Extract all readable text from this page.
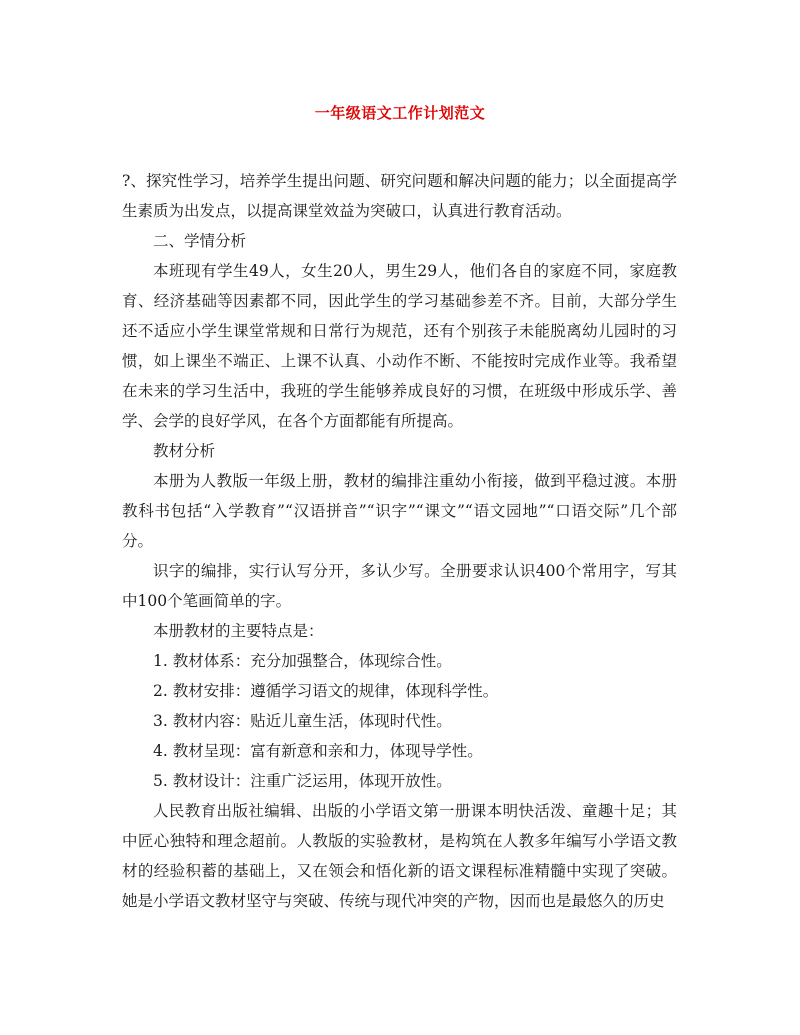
一年级语文工作计划范文

?、探究性学习，培养学生提出问题、研究问题和解决问题的能力；以全面提高学生素质为出发点，以提高课堂效益为突破口，认真进行教育活动。

二、学情分析

本班现有学生49人，女生20人，男生29人，他们各自的家庭不同，家庭教育、经济基础等因素都不同，因此学生的学习基础参差不齐。目前，大部分学生还不适应小学生课堂常规和日常行为规范，还有个别孩子未能脱离幼儿园时的习惯，如上课坐不端正、上课不认真、小动作不断、不能按时完成作业等。我希望在未来的学习生活中，我班的学生能够养成良好的习惯，在班级中形成乐学、善学、会学的良好学风，在各个方面都能有所提高。

教材分析

本册为人教版一年级上册，教材的编排注重幼小衔接，做到平稳过渡。本册教科书包括“入学教育”“汉语拼音”“识字”“课文”“语文园地”“口语交际”几个部分。

识字的编排，实行认写分开，多认少写。全册要求认识400个常用字，写其中100个笔画简单的字。

本册教材的主要特点是：

1. 教材体系：充分加强整合，体现综合性。

2. 教材安排：遵循学习语文的规律，体现科学性。

3. 教材内容：贴近儿童生活，体现时代性。

4. 教材呈现：富有新意和亲和力，体现导学性。

5. 教材设计：注重广泛运用，体现开放性。

人民教育出版社编辑、出版的小学语文第一册课本明快活泼、童趣十足；其中匠心独特和理念超前。人教版的实验教材，是构筑在人教多年编写小学语文教材的经验积蓄的基础上，又在领会和悟化新的语文课程标准精髓中实现了突破。她是小学语文教材坚守与突破、传统与现代冲突的产物，因而也是最悠久的历史
